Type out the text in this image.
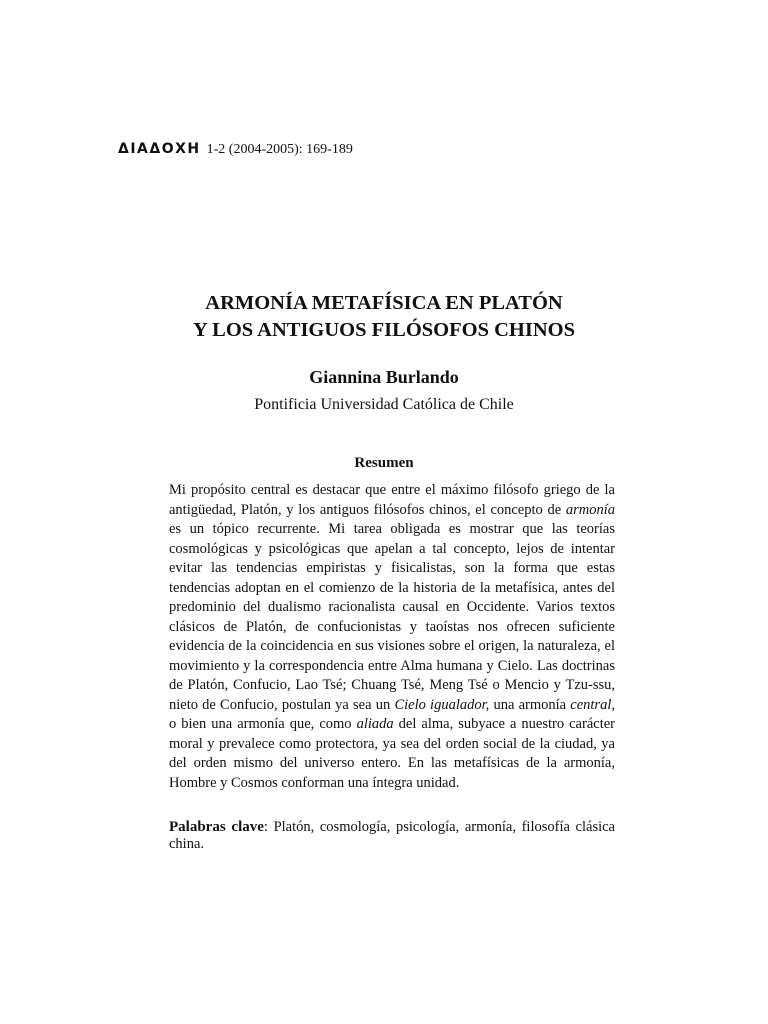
ΔΙΑΔΟΧΗ 1-2 (2004-2005): 169-189
ARMONÍA METAFÍSICA EN PLATÓN
Y LOS ANTIGUOS FILÓSOFOS CHINOS
Giannina Burlando
Pontificia Universidad Católica de Chile
Resumen
Mi propósito central es destacar que entre el máximo filósofo griego de la antigüedad, Platón, y los antiguos filósofos chinos, el concepto de armonía es un tópico recurrente. Mi tarea obligada es mostrar que las teorías cosmológicas y psicológicas que apelan a tal concepto, lejos de intentar evitar las tendencias empiristas y fisicalistas, son la forma que estas tendencias adoptan en el comienzo de la historia de la metafísica, antes del predominio del dualismo racionalista causal en Occidente. Varios textos clásicos de Platón, de confucionistas y taoístas nos ofrecen suficiente evidencia de la coincidencia en sus visiones sobre el origen, la naturaleza, el movimiento y la correspondencia entre Alma humana y Cielo. Las doctrinas de Platón, Confucio, Lao Tsé; Chuang Tsé, Meng Tsé o Mencio y Tzu-ssu, nieto de Confucio, postulan ya sea un Cielo igualador, una armonía central, o bien una armonía que, como aliada del alma, subyace a nuestro carácter moral y prevalece como protectora, ya sea del orden social de la ciudad, ya del orden mismo del universo entero. En las metafísicas de la armonía, Hombre y Cosmos conforman una íntegra unidad.
Palabras clave: Platón, cosmología, psicología, armonía, filosofía clásica china.
